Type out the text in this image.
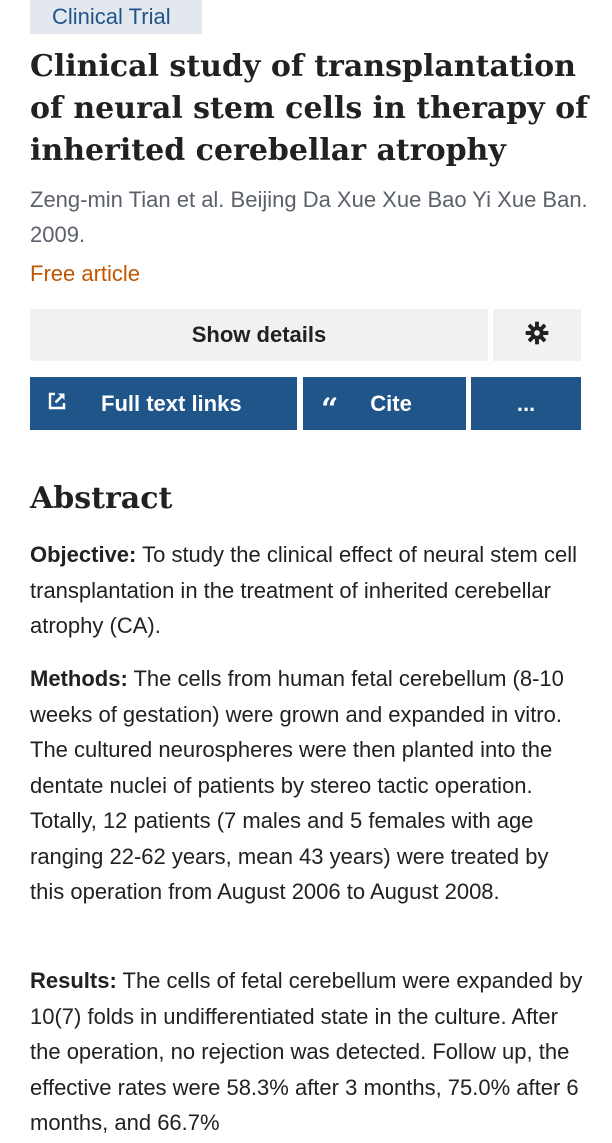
Clinical Trial
Clinical study of transplantation of neural stem cells in therapy of inherited cerebellar atrophy
Zeng-min Tian et al. Beijing Da Xue Xue Bao Yi Xue Ban. 2009.
Free article
Show details
Full text links	“ Cite	...
Abstract

Objective: To study the clinical effect of neural stem cell transplantation in the treatment of inherited cerebellar atrophy (CA).

Methods: The cells from human fetal cerebellum (8-10 weeks of gestation) were grown and expanded in vitro. The cultured neurospheres were then planted into the dentate nuclei of patients by stereo tactic operation. Totally, 12 patients (7 males and 5 females with age ranging 22-62 years, mean 43 years) were treated by this operation from August 2006 to August 2008.

Results: The cells of fetal cerebellum were expanded by 10(7) folds in undifferentiated state in the culture. After the operation, no rejection was detected. Follow up, the effective rates were 58.3% after 3 months, 75.0% after 6 months, and 66.7%
